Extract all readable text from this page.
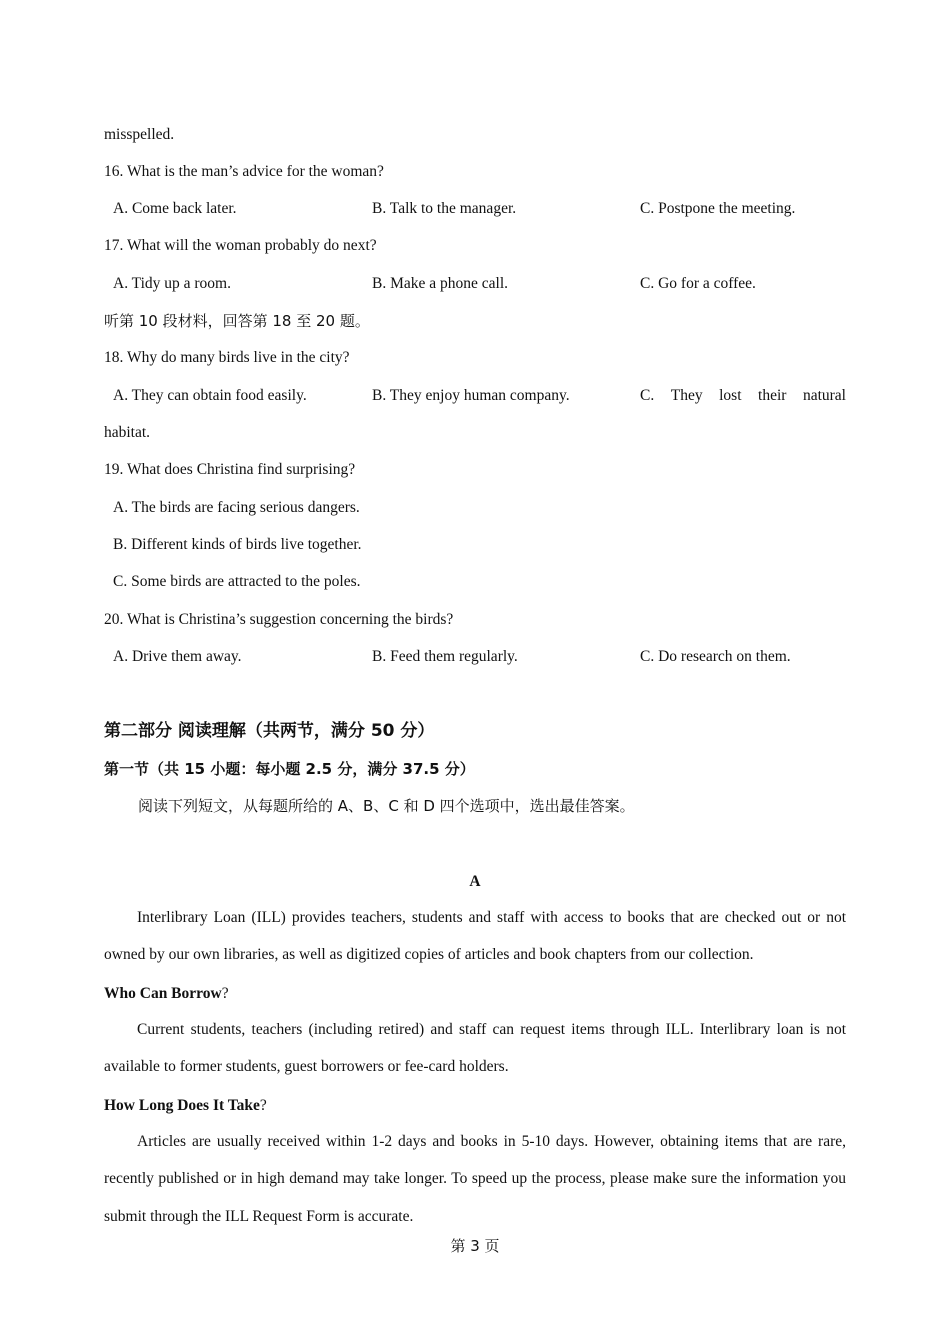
misspelled.
16. What is the man’s advice for the woman?
A. Come back later.	B. Talk to the manager.	C. Postpone the meeting.
17. What will the woman probably do next?
A. Tidy up a room.	B. Make a phone call.	C. Go for a coffee.
听第 10 段材料，回答第 18 至 20 题。
18. Why do many birds live in the city?
A. They can obtain food easily.	B. They enjoy human company.	C. They lost their natural
habitat.
19. What does Christina find surprising?
A. The birds are facing serious dangers.
B. Different kinds of birds live together.
C. Some birds are attracted to the poles.
20. What is Christina’s suggestion concerning the birds?
A. Drive them away.	B. Feed them regularly.	C. Do research on them.
第二部分 阅读理解（共两节，满分 50 分）
第一节（共 15 小题：每小题 2.5 分，满分 37.5 分）
阅读下列短文，从每题所给的 A、B、C 和 D 四个选项中，选出最佳答案。
A
Interlibrary Loan (ILL) provides teachers, students and staff with access to books that are checked out or not owned by our own libraries, as well as digitized copies of articles and book chapters from our collection.
Who Can Borrow?
Current students, teachers (including retired) and staff can request items through ILL. Interlibrary loan is not available to former students, guest borrowers or fee-card holders.
How Long Does It Take?
Articles are usually received within 1-2 days and books in 5-10 days. However, obtaining items that are rare, recently published or in high demand may take longer. To speed up the process, please make sure the information you submit through the ILL Request Form is accurate.
第 3 页
